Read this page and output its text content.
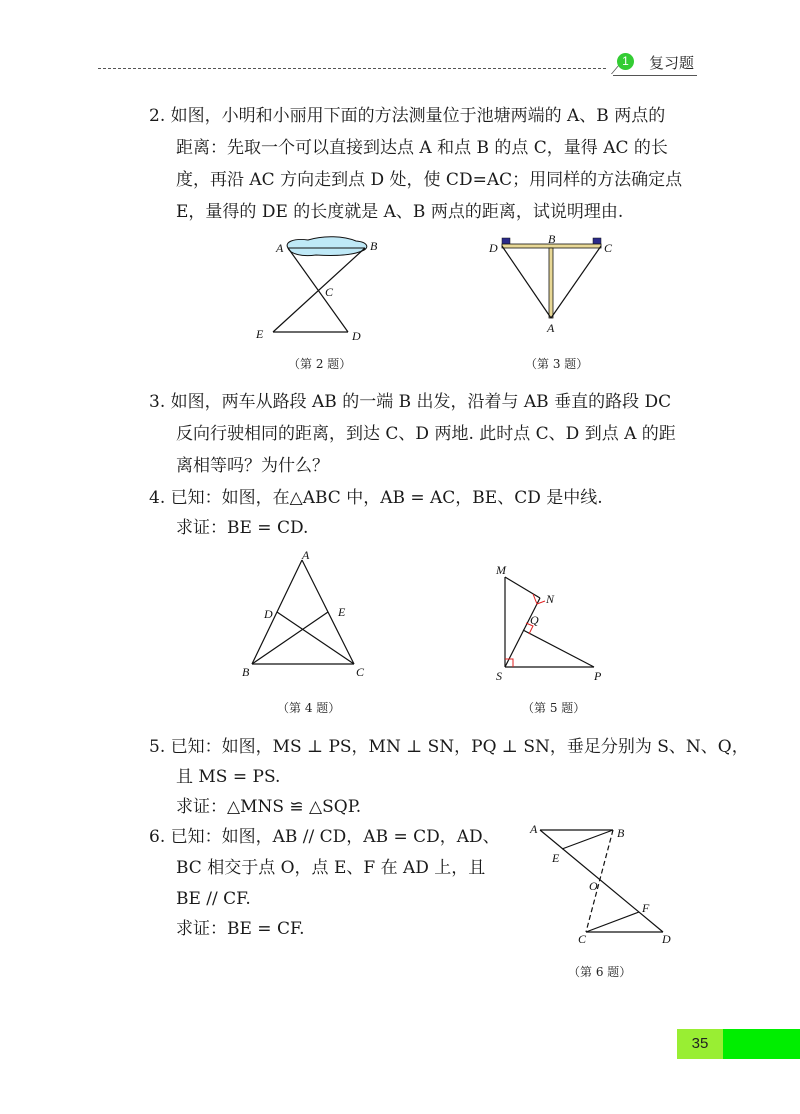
1	复习题
2. 如图，小明和小丽用下面的方法测量位于池塘两端的 A、B 两点的
距离：先取一个可以直接到达点 A 和点 B 的点 C，量得 AC 的长
度，再沿 AC 方向走到点 D 处，使 CD=AC；用同样的方法确定点
E，量得的 DE 的长度就是 A、B 两点的距离，试说明理由.
A	B
C
E	D
（第 2 题）
D
B
C
A
（第 3 题）
3. 如图，两车从路段 AB 的一端 B 出发，沿着与 AB 垂直的路段 DC
反向行驶相同的距离，到达 C、D 两地. 此时点 C、D 到点 A 的距
离相等吗？为什么？
4. 已知：如图，在△ABC 中，AB = AC，BE、CD 是中线.
求证：BE = CD.
A
D	E
B	C
（第 4 题）
M
N
Q
S	P
（第 5 题）
5. 已知：如图，MS ⊥ PS，MN ⊥ SN，PQ ⊥ SN，垂足分别为 S、N、Q，
且 MS = PS.
求证：△MNS ≌ △SQP.
6. 已知：如图，AB // CD，AB = CD，AD、
BC 相交于点 O，点 E、F 在 AD 上，且
BE // CF.
求证：BE = CF.
A	B
E
O
F
C	D
（第 6 题）
35
